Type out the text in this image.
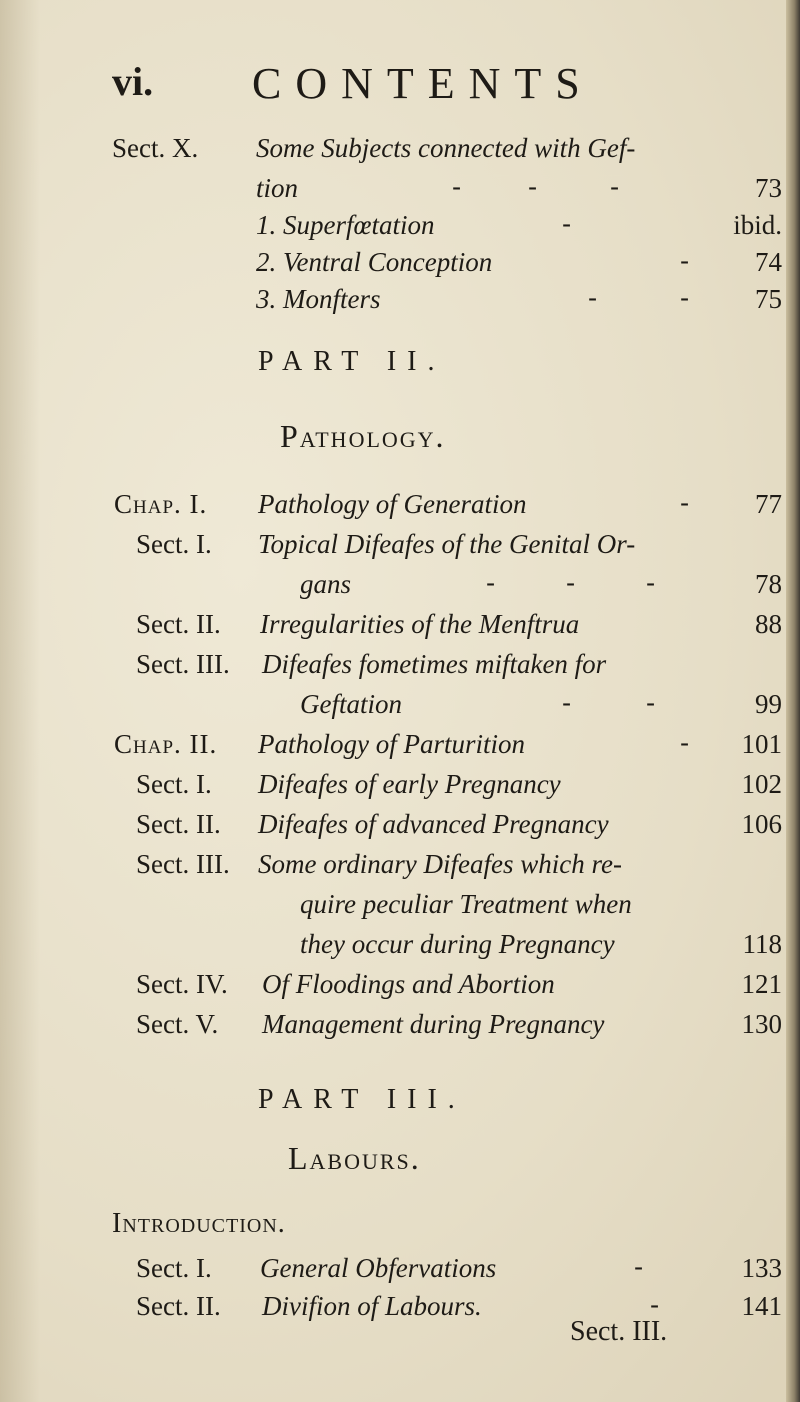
vi. CONTENTS
Sect. X. Some Subjects connected with Gef-
tion	- -	-	73
1. Superfœtation	-	ibid.
2. Ventral Conception	- 74
3. Monfters	-	- 75
PART II.
Pathology.
Chap. I. Pathology of Generation	- 77
Sect. I. Topical Difeafes of the Genital Or-
gans	-	-	-	78
Sect. II. Irregularities of the Menftrua	88
Sect. III. Difeafes fometimes miftaken for
Geftation	-	-	99
Chap. II. Pathology of Parturition	- 101
Sect. I. Difeafes of early Pregnancy	102
Sect. II. Difeafes of advanced Pregnancy	106
Sect. III. Some ordinary Difeafes which re-
quire peculiar Treatment when
they occur during Pregnancy	118
Sect. IV. Of Floodings and Abortion	121
Sect. V. Management during Pregnancy	130
PART III.
Labours.
Introduction.
Sect. I. General Obfervations	-	133
Sect. II. Divifion of Labours.	-	141
Sect. III.
